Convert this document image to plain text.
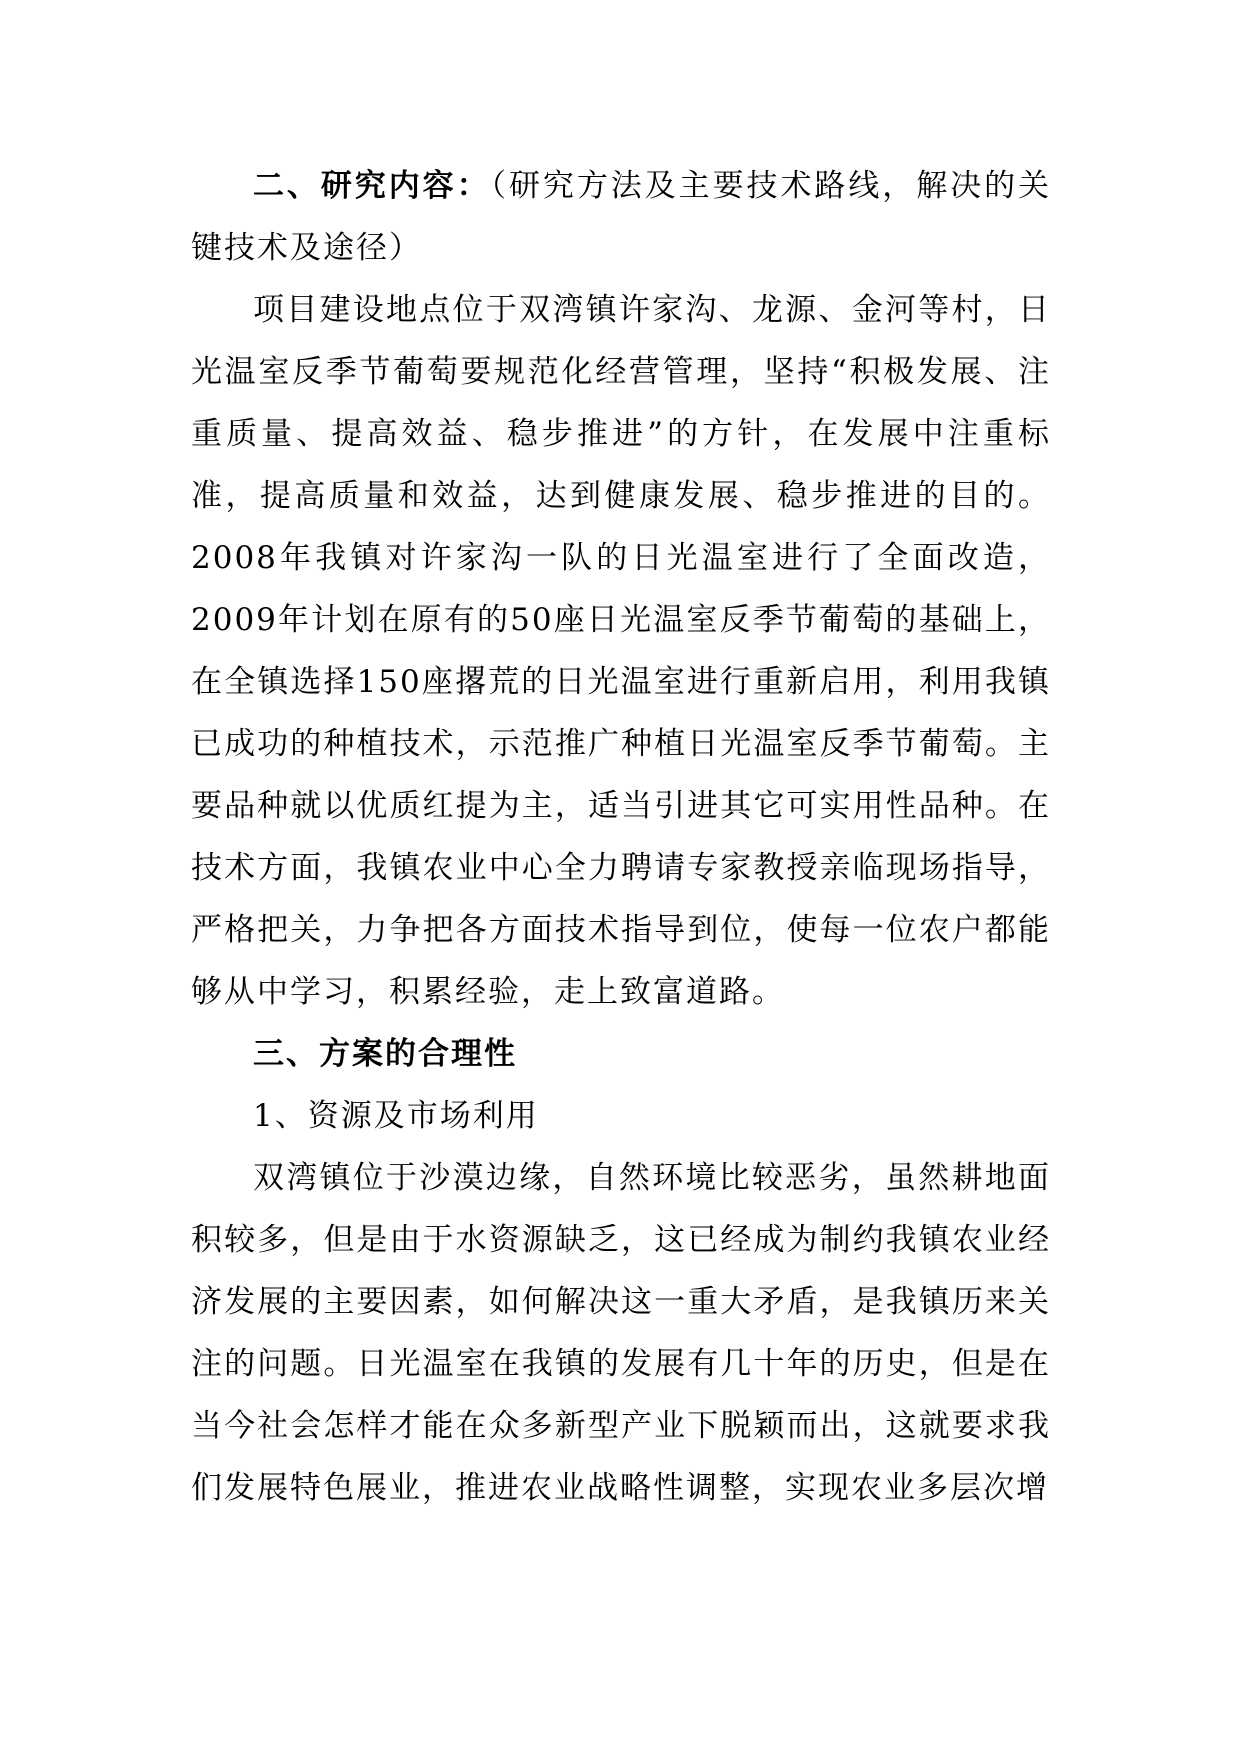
二、研究内容：（研究方法及主要技术路线，解决的关键技术及途径）

项目建设地点位于双湾镇许家沟、龙源、金河等村，日光温室反季节葡萄要规范化经营管理，坚持“积极发展、注重质量、提高效益、稳步推进”的方针，在发展中注重标准，提高质量和效益，达到健康发展、稳步推进的目的。2008年我镇对许家沟一队的日光温室进行了全面改造，2009年计划在原有的50座日光温室反季节葡萄的基础上，在全镇选择150座撂荒的日光温室进行重新启用，利用我镇已成功的种植技术，示范推广种植日光温室反季节葡萄。主要品种就以优质红提为主，适当引进其它可实用性品种。在技术方面，我镇农业中心全力聘请专家教授亲临现场指导，严格把关，力争把各方面技术指导到位，使每一位农户都能够从中学习，积累经验，走上致富道路。

三、方案的合理性

1、资源及市场利用

双湾镇位于沙漠边缘，自然环境比较恶劣，虽然耕地面积较多，但是由于水资源缺乏，这已经成为制约我镇农业经济发展的主要因素，如何解决这一重大矛盾，是我镇历来关注的问题。日光温室在我镇的发展有几十年的历史，但是在当今社会怎样才能在众多新型产业下脱颖而出，这就要求我们发展特色展业，推进农业战略性调整，实现农业多层次增
